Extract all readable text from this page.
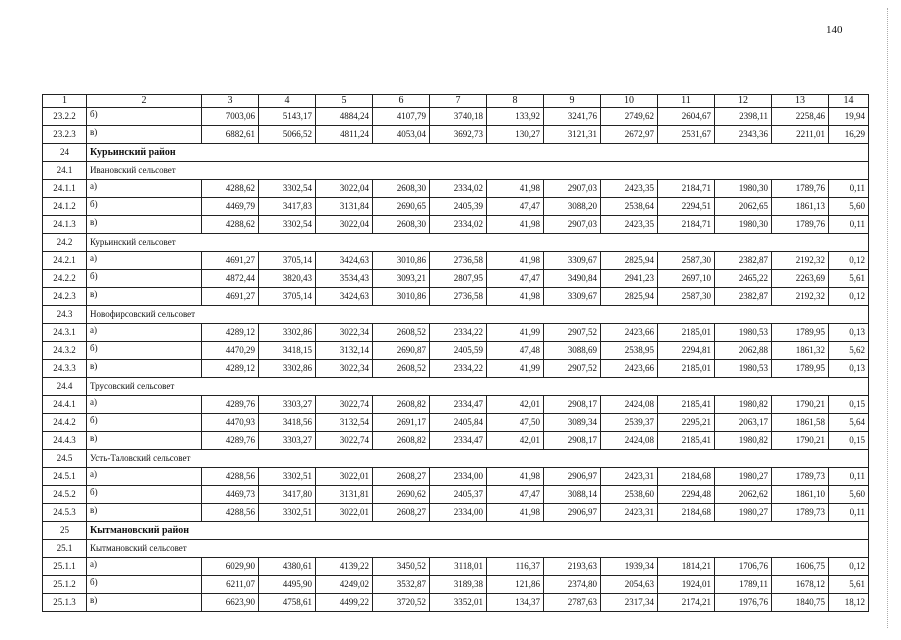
140
1	2	3	4	5	6	7	8	9	10	11	12	13	14
23.2.2	б)	7003,06	5143,17	4884,24	4107,79	3740,18	133,92	3241,76	2749,62	2604,67	2398,11	2258,46	19,94
23.2.3	в)	6882,61	5066,52	4811,24	4053,04	3692,73	130,27	3121,31	2672,97	2531,67	2343,36	2211,01	16,29
24	Курьинский район												
24.1	Ивановский сельсовет												
24.1.1	а)	4288,62	3302,54	3022,04	2608,30	2334,02	41,98	2907,03	2423,35	2184,71	1980,30	1789,76	0,11
24.1.2	б)	4469,79	3417,83	3131,84	2690,65	2405,39	47,47	3088,20	2538,64	2294,51	2062,65	1861,13	5,60
24.1.3	в)	4288,62	3302,54	3022,04	2608,30	2334,02	41,98	2907,03	2423,35	2184,71	1980,30	1789,76	0,11
24.2	Курьинский сельсовет												
24.2.1	а)	4691,27	3705,14	3424,63	3010,86	2736,58	41,98	3309,67	2825,94	2587,30	2382,87	2192,32	0,12
24.2.2	б)	4872,44	3820,43	3534,43	3093,21	2807,95	47,47	3490,84	2941,23	2697,10	2465,22	2263,69	5,61
24.2.3	в)	4691,27	3705,14	3424,63	3010,86	2736,58	41,98	3309,67	2825,94	2587,30	2382,87	2192,32	0,12
24.3	Новофирсовский сельсовет												
24.3.1	а)	4289,12	3302,86	3022,34	2608,52	2334,22	41,99	2907,52	2423,66	2185,01	1980,53	1789,95	0,13
24.3.2	б)	4470,29	3418,15	3132,14	2690,87	2405,59	47,48	3088,69	2538,95	2294,81	2062,88	1861,32	5,62
24.3.3	в)	4289,12	3302,86	3022,34	2608,52	2334,22	41,99	2907,52	2423,66	2185,01	1980,53	1789,95	0,13
24.4	Трусовский сельсовет												
24.4.1	а)	4289,76	3303,27	3022,74	2608,82	2334,47	42,01	2908,17	2424,08	2185,41	1980,82	1790,21	0,15
24.4.2	б)	4470,93	3418,56	3132,54	2691,17	2405,84	47,50	3089,34	2539,37	2295,21	2063,17	1861,58	5,64
24.4.3	в)	4289,76	3303,27	3022,74	2608,82	2334,47	42,01	2908,17	2424,08	2185,41	1980,82	1790,21	0,15
24.5	Усть-Таловский сельсовет												
24.5.1	а)	4288,56	3302,51	3022,01	2608,27	2334,00	41,98	2906,97	2423,31	2184,68	1980,27	1789,73	0,11
24.5.2	б)	4469,73	3417,80	3131,81	2690,62	2405,37	47,47	3088,14	2538,60	2294,48	2062,62	1861,10	5,60
24.5.3	в)	4288,56	3302,51	3022,01	2608,27	2334,00	41,98	2906,97	2423,31	2184,68	1980,27	1789,73	0,11
25	Кытмановский район												
25.1	Кытмановский сельсовет												
25.1.1	а)	6029,90	4380,61	4139,22	3450,52	3118,01	116,37	2193,63	1939,34	1814,21	1706,76	1606,75	0,12
25.1.2	б)	6211,07	4495,90	4249,02	3532,87	3189,38	121,86	2374,80	2054,63	1924,01	1789,11	1678,12	5,61
25.1.3	в)	6623,90	4758,61	4499,22	3720,52	3352,01	134,37	2787,63	2317,34	2174,21	1976,76	1840,75	18,12
